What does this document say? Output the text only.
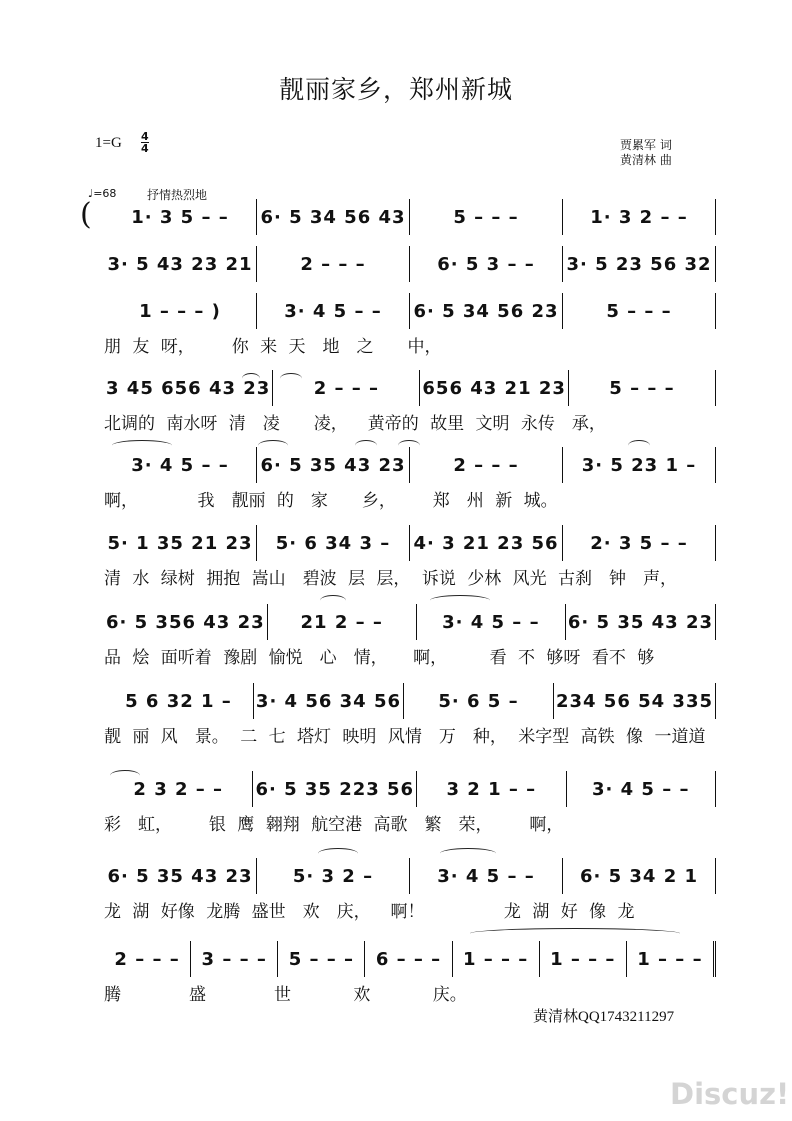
靓丽家乡，郑州新城
1=G 4
4	贾累军 词
黄清林 曲
♩=68	抒情热烈地
(	1· 3 5 – –	6· 5 34 56 43	5 – – –	1· 3 2 – –
3· 5 43 23 21	2 – – –	6· 5 3 – –	3· 5 23 56 32
1 – – – )	3· 4 5 – –	6· 5 34 56 23	5 – – –
朋 友 呀，　　 你 来 天　地　之　　中，
3 45 656 43 23	2 – – –	656 43 21 23	5 – – –
北调的 南水呀 清　凌　　凌，　 黄帝的 故里 文明 永传　承，
3· 4 5 – –	6· 5 35 43 23	2 – – –	3· 5 23 1 –
啊，　　　　我　靓丽 的　家　　乡，　　 郑　州 新 城。
5· 1 35 21 23	5· 6 34 3 –	4· 3 21 23 56	2· 3 5 – –
清 水 绿树 拥抱 嵩山　碧波 层 层， 诉说 少林 风光 古刹　钟　声，
6· 5 356 43 23	21 2 – –	3· 4 5 – –	6· 5 35 43 23
品 烩 面听着 豫剧 愉悦　心　情，　　啊，　　　看 不 够呀 看不 够
5 6 32 1 –	3· 4 56 34 56	5· 6 5 –	234 56 54 335
靓 丽 风　景。 二 七 塔灯 映明 风情　万　种， 米字型 高铁 像 一道道
2 3 2 – –	6· 5 35 223 56	3 2 1 – –	3· 4 5 – –
彩　虹，　　 银 鹰 翱翔 航空港 高歌　繁　荣，　　 啊，
6· 5 35 43 23	5· 3 2 –	3· 4 5 – –	6· 5 34 2 1
龙 湖 好像 龙腾 盛世　欢　庆，　 啊！　　　　 龙 湖 好 像 龙
2 – – –	3 – – –	5 – – –	6 – – –	1 – – –	1 – – –	1 – – –
腾　　　　盛　　　　世　　　 欢　　　 庆。
黄清林QQ1743211297
Discuz!
